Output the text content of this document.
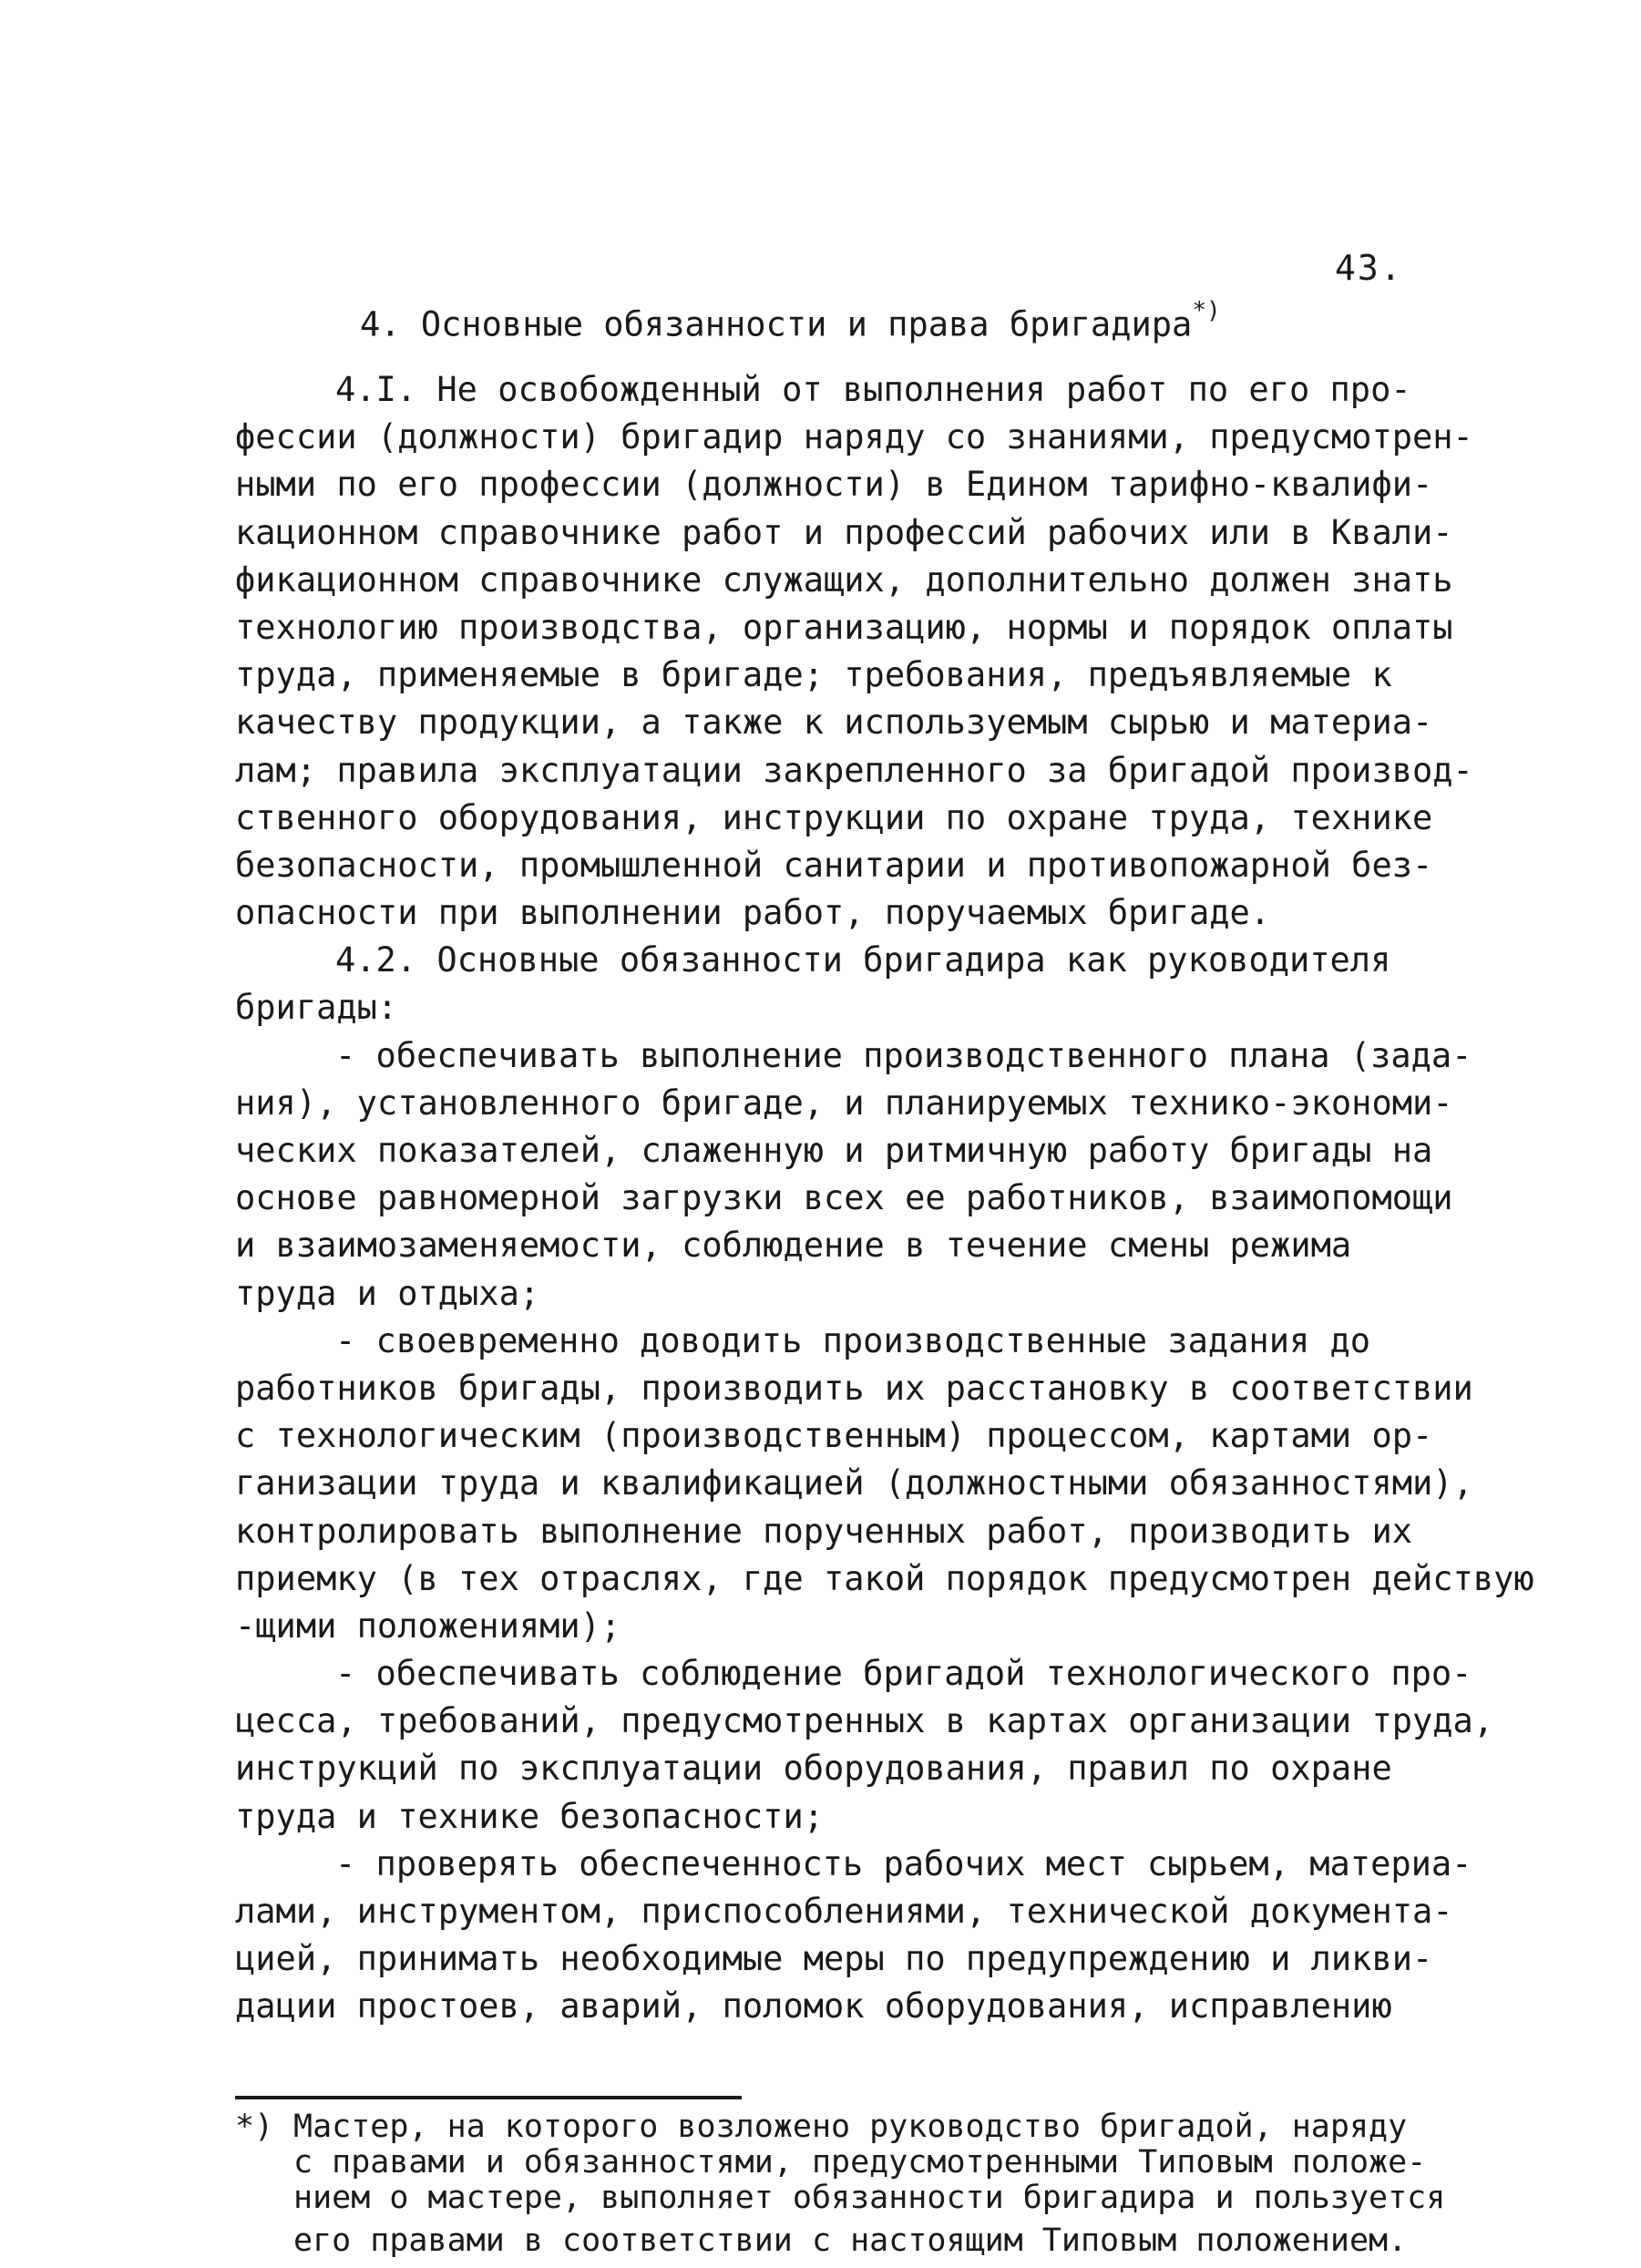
43.
4. Основные обязанности и права бригадира*)
4.I. Не освобожденный от выполнения работ по его про-
фессии (должности) бригадир наряду со знаниями, предусмотрен-
ными по его профессии (должности) в Едином тарифно-квалифи-
кационном справочнике работ и профессий рабочих или в Квали-
фикационном справочнике служащих, дополнительно должен знать
технологию производства, организацию, нормы и порядок оплаты
труда, применяемые в бригаде; требования, предъявляемые к
качеству продукции, а также к используемым сырью и материа-
лам; правила эксплуатации закрепленного за бригадой производ-
ственного оборудования, инструкции по охране труда, технике
безопасности, промышленной санитарии и противопожарной без-
опасности при выполнении работ, поручаемых бригаде.
4.2. Основные обязанности бригадира как руководителя
бригады:
- обеспечивать выполнение производственного плана (зада-
ния), установленного бригаде, и планируемых технико-экономи-
ческих показателей, слаженную и ритмичную работу бригады на
основе равномерной загрузки всех ее работников, взаимопомощи
и взаимозаменяемости, соблюдение в течение смены режима
труда и отдыха;
- своевременно доводить производственные задания до
работников бригады, производить их расстановку в соответствии
с технологическим (производственным) процессом, картами ор-
ганизации труда и квалификацией (должностными обязанностями),
контролировать выполнение порученных работ, производить их
приемку (в тех отраслях, где такой порядок предусмотрен действую
-щими положениями);
- обеспечивать соблюдение бригадой технологического про-
цесса, требований, предусмотренных в картах организации труда,
инструкций по эксплуатации оборудования, правил по охране
труда и технике безопасности;
- проверять обеспеченность рабочих мест сырьем, материа-
лами, инструментом, приспособлениями, технической документа-
цией, принимать необходимые меры по предупреждению и ликви-
дации простоев, аварий, поломок оборудования, исправлению
*) Мастер, на которого возложено руководство бригадой, наряду
с правами и обязанностями, предусмотренными Типовым положе-
нием о мастере, выполняет обязанности бригадира и пользуется
его правами в соответствии с настоящим Типовым положением.
